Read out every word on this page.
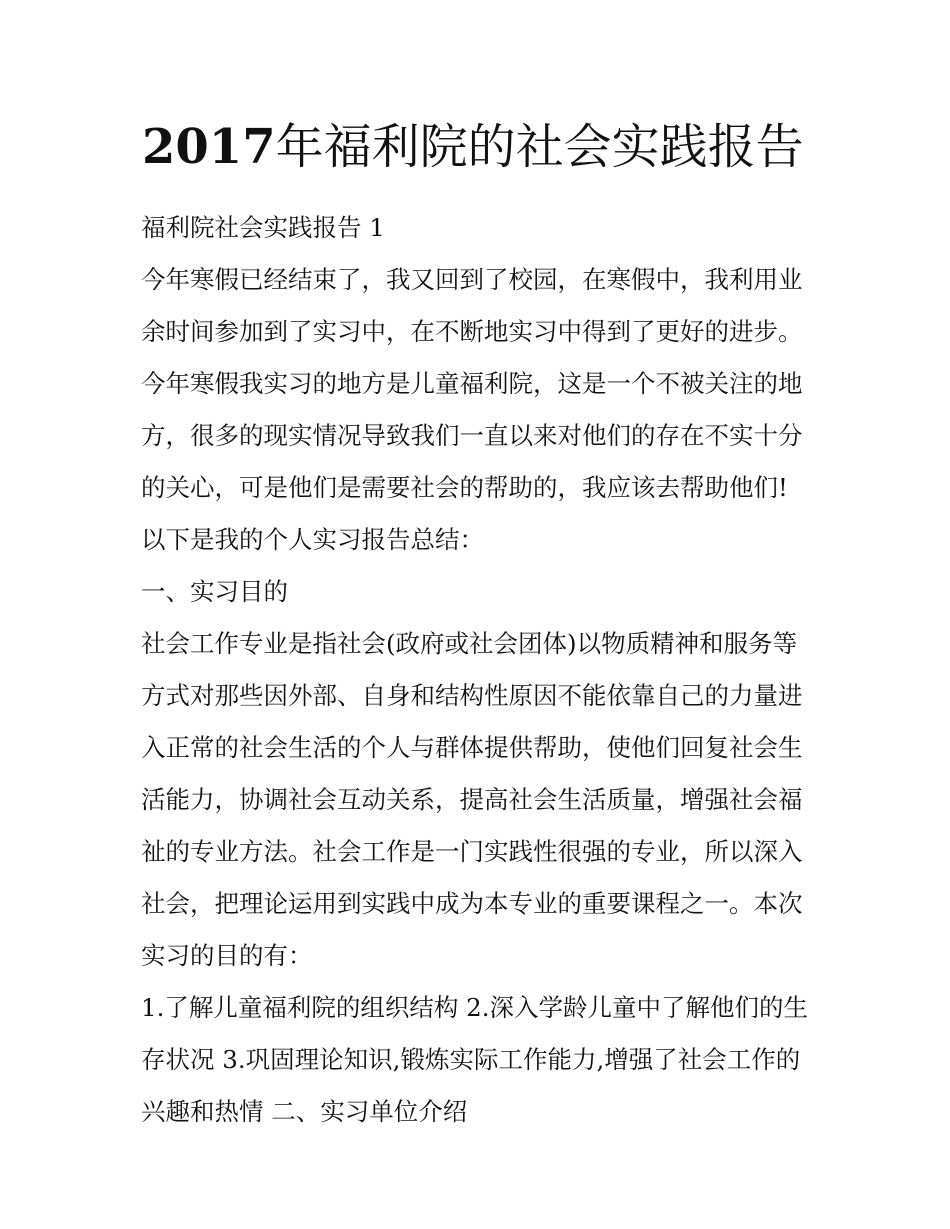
2017年福利院的社会实践报告

福利院社会实践报告 1

今年寒假已经结束了，我又回到了校园，在寒假中，我利用业

余时间参加到了实习中，在不断地实习中得到了更好的进步。

今年寒假我实习的地方是儿童福利院，这是一个不被关注的地

方，很多的现实情况导致我们一直以来对他们的存在不实十分

的关心，可是他们是需要社会的帮助的，我应该去帮助他们!

以下是我的个人实习报告总结：

一、实习目的

社会工作专业是指社会(政府或社会团体)以物质精神和服务等

方式对那些因外部、自身和结构性原因不能依靠自己的力量进

入正常的社会生活的个人与群体提供帮助，使他们回复社会生

活能力，协调社会互动关系，提高社会生活质量，增强社会福

祉的专业方法。社会工作是一门实践性很强的专业，所以深入

社会，把理论运用到实践中成为本专业的重要课程之一。本次

实习的目的有：

1.了解儿童福利院的组织结构 2.深入学龄儿童中了解他们的生

存状况 3.巩固理论知识,锻炼实际工作能力,增强了社会工作的

兴趣和热情 二、实习单位介绍
